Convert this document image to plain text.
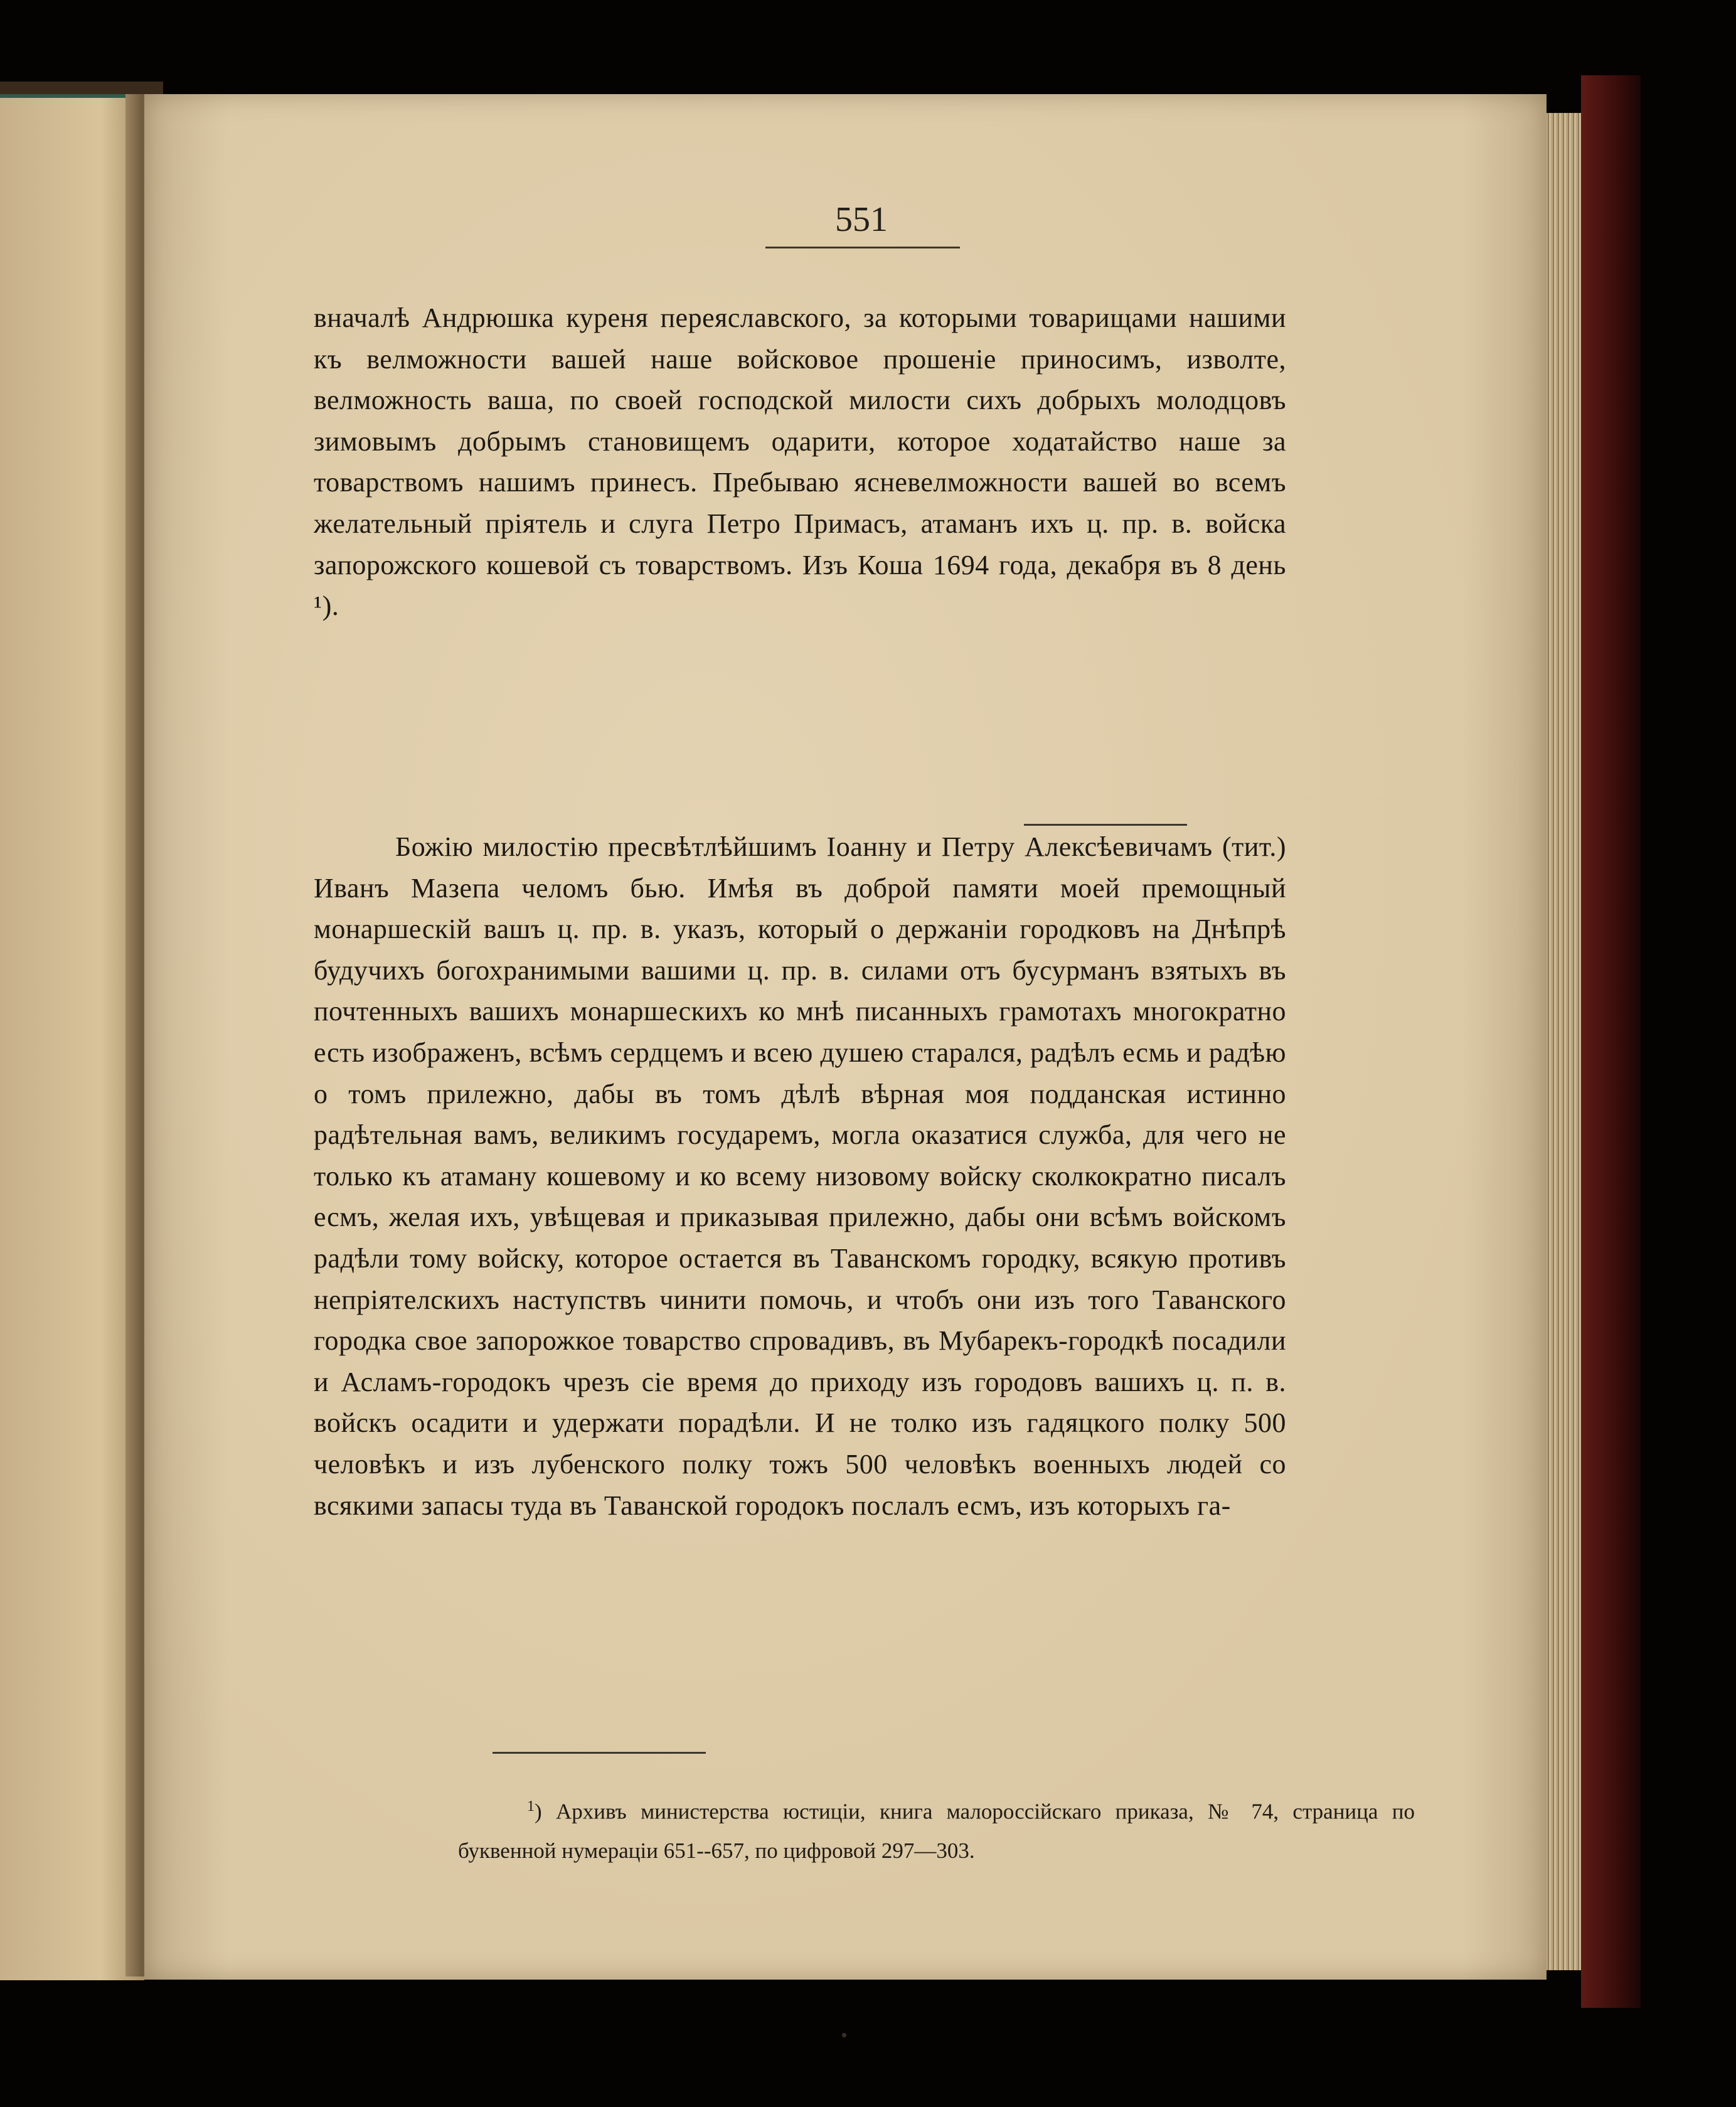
551

вначалѣ Андрюшка куреня переяславского, за которыми товарищами нашими къ велможности вашей наше войсковое прошеніе приносимъ, изволте, велможность ваша, по своей господской милости сихъ добрыхъ молодцовъ зимовымъ добрымъ становищемъ одарити, которое ходатайство наше за товарствомъ нашимъ принесъ. Пребываю ясневелможности вашей во всемъ желательный пріятель и слуга Петро Примасъ, атаманъ ихъ ц. пр. в. войска запорожского кошевой съ товарствомъ. Изъ Коша 1694 года, декабря въ 8 день ¹).

Божію милостію пресвѣтлѣйшимъ Іоанну и Петру Алексѣевичамъ (тит.) Иванъ Мазепа челомъ бью. Имѣя въ доброй памяти моей премощный монаршескій вашъ ц. пр. в. указъ, который о держаніи городковъ на Днѣпрѣ будучихъ богохранимыми вашими ц. пр. в. силами отъ бусурманъ взятыхъ въ почтенныхъ вашихъ монаршескихъ ко мнѣ писанныхъ грамотахъ многократно есть изображенъ, всѣмъ сердцемъ и всею душею старался, радѣлъ есмь и радѣю о томъ прилежно, дабы въ томъ дѣлѣ вѣрная моя подданская истинно радѣтельная вамъ, великимъ государемъ, могла оказатися служба, для чего не только къ атаману кошевому и ко всему низовому войску сколкократно писалъ есмъ, желая ихъ, увѣщевая и приказывая прилежно, дабы они всѣмъ войскомъ радѣли тому войску, которое остается въ Таванскомъ городку, всякую противъ непріятелскихъ наступствъ чинити помочь, и чтобъ они изъ того Таванского городка свое запорожкое товарство спровадивъ, въ Мубарекъ-городкѣ посадили и Асламъ-городокъ чрезъ сіе время до приходу изъ городовъ вашихъ ц. п. в. войскъ осадити и удержати порадѣли. И не толко изъ гадяцкого полку 500 человѣкъ и изъ лубенского полку тожъ 500 человѣкъ военныхъ людей со всякими запасы туда въ Таванской городокъ послалъ есмъ, изъ которыхъ га-

$^1$) Архивъ министерства юстиціи, книга малороссійскаго приказа, № 74, страница по буквенной нумераціи 651--657, по цифровой 297—303.
